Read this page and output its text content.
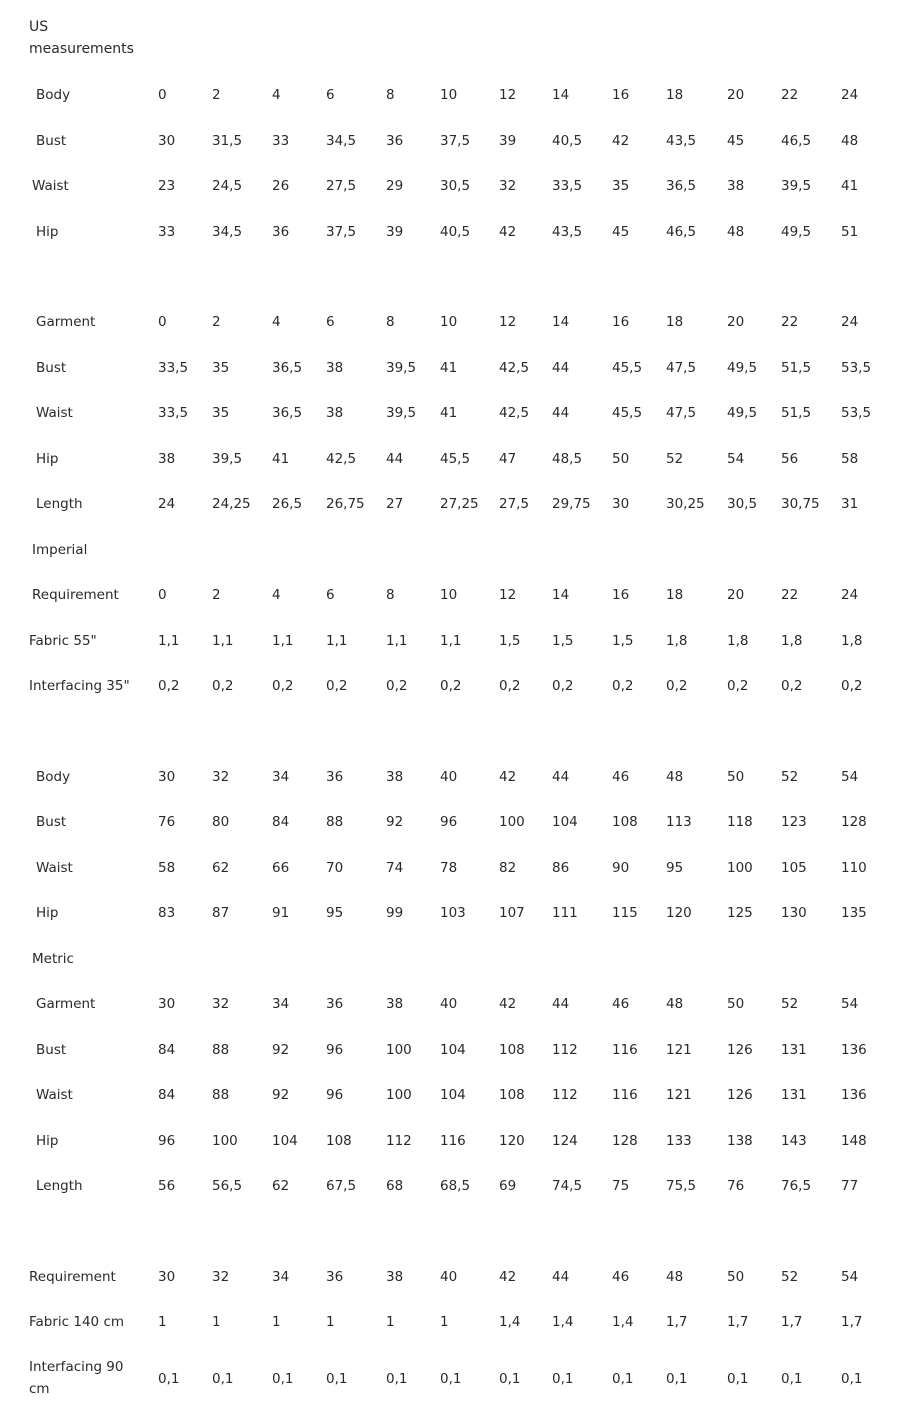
US measurements
Body	0	2	4	6	8	10	12	14	16	18	20	22	24
Bust	30	31,5 33	34,5 36	37,5 39	40,5 42	43,5 45	46,5 48
Waist	23	24,5 26	27,5 29	30,5 32	33,5 35	36,5 38	39,5 41
Hip	33	34,5 36	37,5 39	40,5 42	43,5 45	46,5 48	49,5 51
Garment	0	2	4	6	8	10	12	14	16	18	20	22	24
Bust	33,5 35	36,5 38	39,5 41	42,5 44	45,5 47,5 49,5 51,5 53,5
Waist	33,5 35	36,5 38	39,5 41	42,5 44	45,5 47,5 49,5 51,5 53,5
Hip	38	39,5 41	42,5 44	45,5 47	48,5 50	52	54	56	58
Length	24	24,25 26,5 26,75 27	27,25 27,5 29,75 30	30,25 30,5 30,75 31
Imperial
Requirement	0	2	4	6	8	10	12	14	16	18	20	22	24
Fabric 55"	1,1 1,1	1,1 1,1	1,1 1,1	1,5 1,5	1,5 1,8	1,8 1,8	1,8
Interfacing 35" 0,2 0,2	0,2 0,2	0,2 0,2	0,2 0,2	0,2 0,2	0,2 0,2	0,2
Body	30	32	34	36	38	40	42	44	46	48	50	52	54
Bust	76	80	84	88	92	96	100 104	108 113	118 123	128
Waist	58	62	66	70	74	78	82	86	90	95	100 105	110
Hip	83	87	91	95	99	103 107 111	115 120	125 130	135
Metric
Garment	30	32	34	36	38	40	42	44	46	48	50	52	54
Bust	84	88	92	96	100 104 108 112	116 121	126 131	136
Waist	84	88	92	96	100 104 108 112	116 121	126 131	136
Hip	96	100	104 108	112 116 120 124	128 133	138 143	148
Length	56	56,5 62	67,5 68	68,5 69	74,5 75	75,5 76	76,5 77
Requirement	30	32	34	36	38	40	42	44	46	48	50	52	54
Fabric 140 cm	1	1	1	1	1	1	1,4 1,4	1,4 1,7	1,7 1,7	1,7
Interfacing 90 cm
0,1 0,1	0,1 0,1	0,1 0,1	0,1 0,1	0,1 0,1	0,1 0,1	0,1
